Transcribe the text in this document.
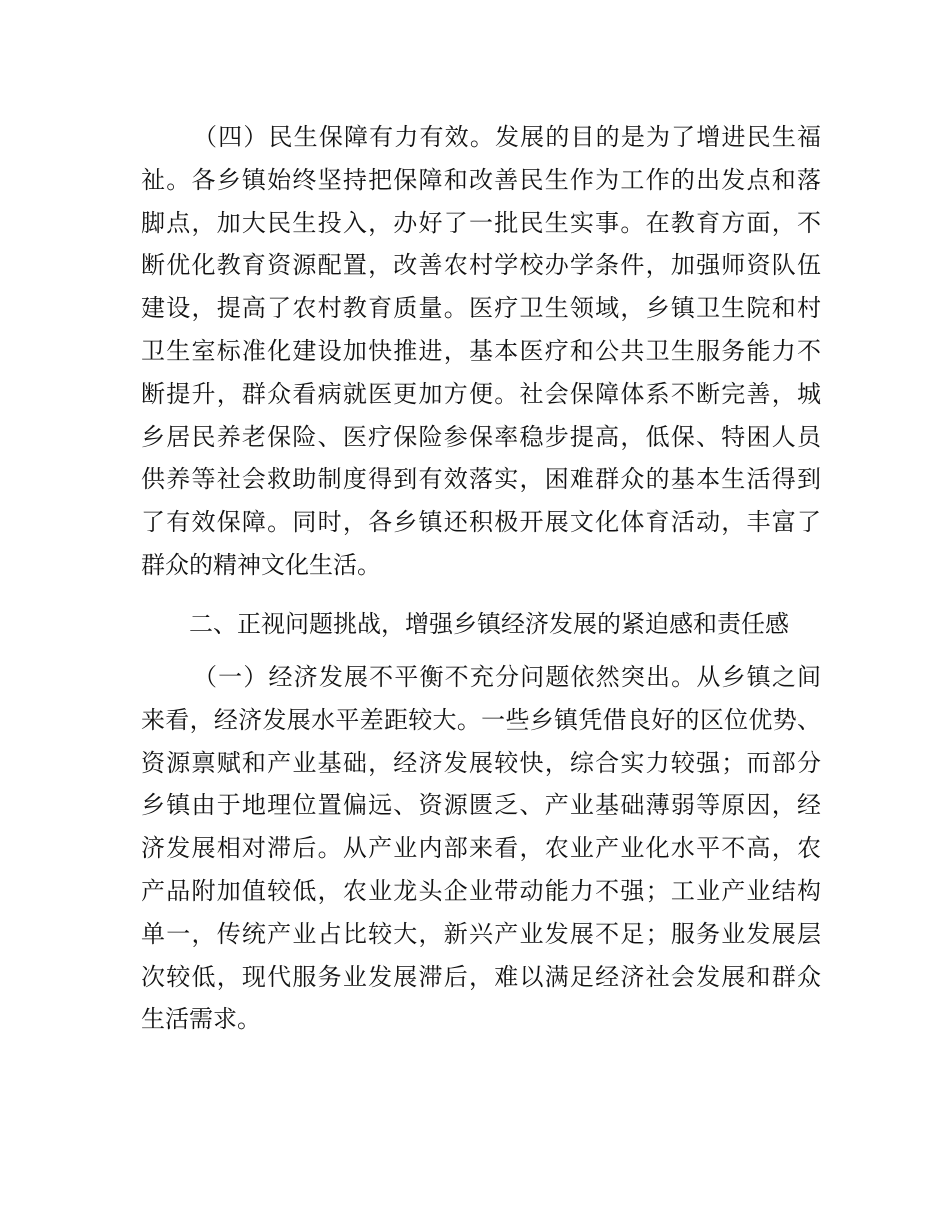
（四）民生保障有力有效。发展的目的是为了增进民生福
祉。各乡镇始终坚持把保障和改善民生作为工作的出发点和落
脚点，加大民生投入，办好了一批民生实事。在教育方面，不
断优化教育资源配置，改善农村学校办学条件，加强师资队伍
建设，提高了农村教育质量。医疗卫生领域，乡镇卫生院和村
卫生室标准化建设加快推进，基本医疗和公共卫生服务能力不
断提升，群众看病就医更加方便。社会保障体系不断完善，城
乡居民养老保险、医疗保险参保率稳步提高，低保、特困人员
供养等社会救助制度得到有效落实，困难群众的基本生活得到
了有效保障。同时，各乡镇还积极开展文化体育活动，丰富了
群众的精神文化生活。
二、正视问题挑战，增强乡镇经济发展的紧迫感和责任感
（一）经济发展不平衡不充分问题依然突出。从乡镇之间
来看，经济发展水平差距较大。一些乡镇凭借良好的区位优势、
资源禀赋和产业基础，经济发展较快，综合实力较强；而部分
乡镇由于地理位置偏远、资源匮乏、产业基础薄弱等原因，经
济发展相对滞后。从产业内部来看，农业产业化水平不高，农
产品附加值较低，农业龙头企业带动能力不强；工业产业结构
单一，传统产业占比较大，新兴产业发展不足；服务业发展层
次较低，现代服务业发展滞后，难以满足经济社会发展和群众
生活需求。
